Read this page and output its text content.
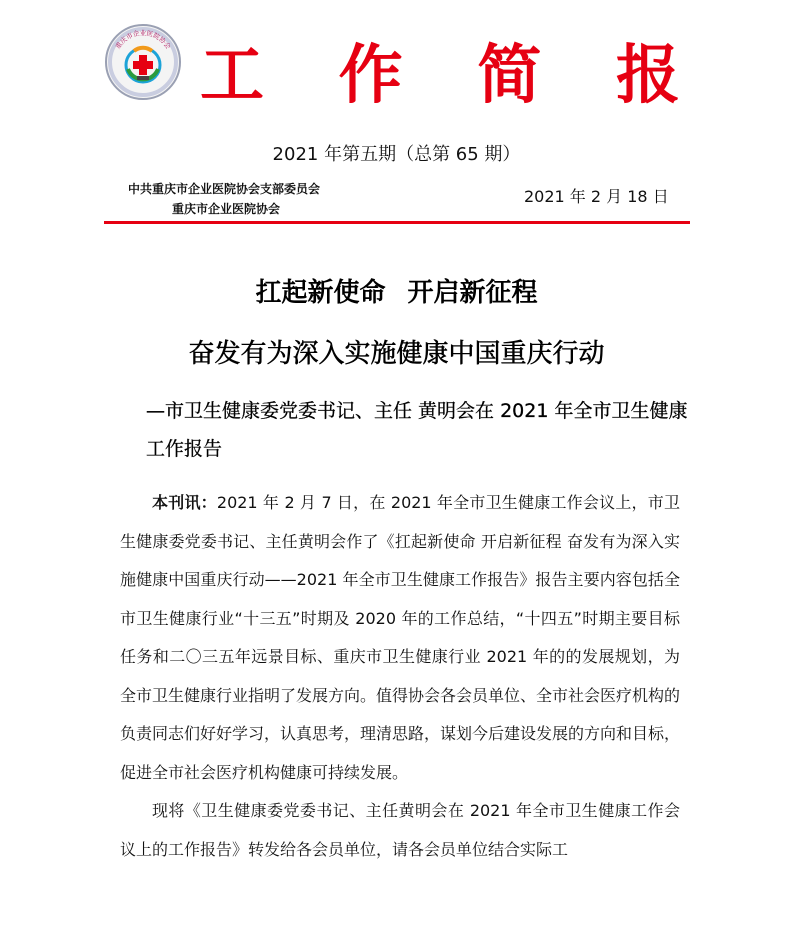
重庆市企业医院协会 工 作 简 报
2021 年第五期（总第 65 期）
中共重庆市企业医院协会支部委员会
重庆市企业医院协会
2021 年 2 月 18 日
扛起新使命 开启新征程
奋发有为深入实施健康中国重庆行动
—市卫生健康委党委书记、主任 黄明会在 2021 年全市卫生健康工作报告

本刊讯：2021 年 2 月 7 日，在 2021 年全市卫生健康工作会议上，市卫生健康委党委书记、主任黄明会作了《扛起新使命 开启新征程 奋发有为深入实施健康中国重庆行动——2021 年全市卫生健康工作报告》报告主要内容包括全市卫生健康行业“十三五”时期及 2020 年的工作总结，“十四五”时期主要目标任务和二〇三五年远景目标、重庆市卫生健康行业 2021 年的的发展规划，为全市卫生健康行业指明了发展方向。值得协会各会员单位、全市社会医疗机构的负责同志们好好学习，认真思考，理清思路，谋划今后建设发展的方向和目标，促进全市社会医疗机构健康可持续发展。

现将《卫生健康委党委书记、主任黄明会在 2021 年全市卫生健康工作会议上的工作报告》转发给各会员单位，请各会员单位结合实际工
